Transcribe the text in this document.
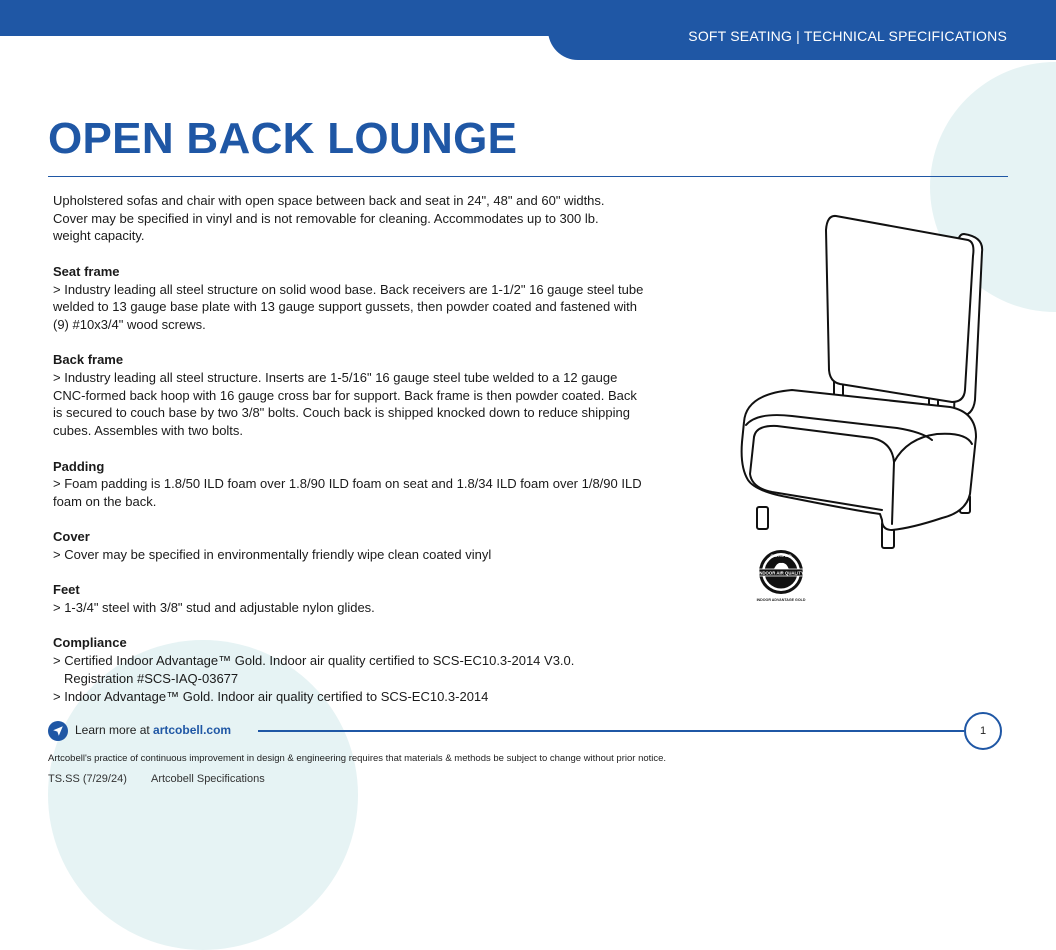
SOFT SEATING | TECHNICAL SPECIFICATIONS
OPEN BACK LOUNGE

Upholstered sofas and chair with open space between back and seat in 24", 48" and 60" widths.

Cover may be specified in vinyl and is not removable for cleaning. Accommodates up to 300 lb.

weight capacity.

Seat frame

> Industry leading all steel structure on solid wood base. Back receivers are 1-1/2" 16 gauge steel tube

welded to 13 gauge base plate with 13 gauge support gussets, then powder coated and fastened with

(9) #10x3/4" wood screws.

Back frame

> Industry leading all steel structure. Inserts are 1-5/16" 16 gauge steel tube welded to a 12 gauge

CNC-formed back hoop with 16 gauge cross bar for support. Back frame is then powder coated. Back

is secured to couch base by two 3/8" bolts. Couch back is shipped knocked down to reduce shipping

cubes. Assembles with two bolts.

Padding

> Foam padding is 1.8/50 ILD foam over 1.8/90 ILD foam on seat and 1.8/34 ILD foam over 1/8/90 ILD

foam on the back.

Cover

> Cover may be specified in environmentally friendly wipe clean coated vinyl

Feet

> 1-3/4" steel with 3/8" stud and adjustable nylon glides.

Compliance

> Certified Indoor Advantage™ Gold. Indoor air quality certified to SCS-EC10.3-2014 V3.0.

Registration #SCS-IAQ-03677

> Indoor Advantage™ Gold. Indoor air quality certified to SCS-EC10.3-2014

CERTIFIED
INDOOR AIR QUALITY
INDOOR ADVANTAGE GOLD
Learn more at artcobell.com	1
Artcobell's practice of continuous improvement in design & engineering requires that materials & methods be subject to change without prior notice.
TS.SS (7/29/24) Artcobell Specifications
